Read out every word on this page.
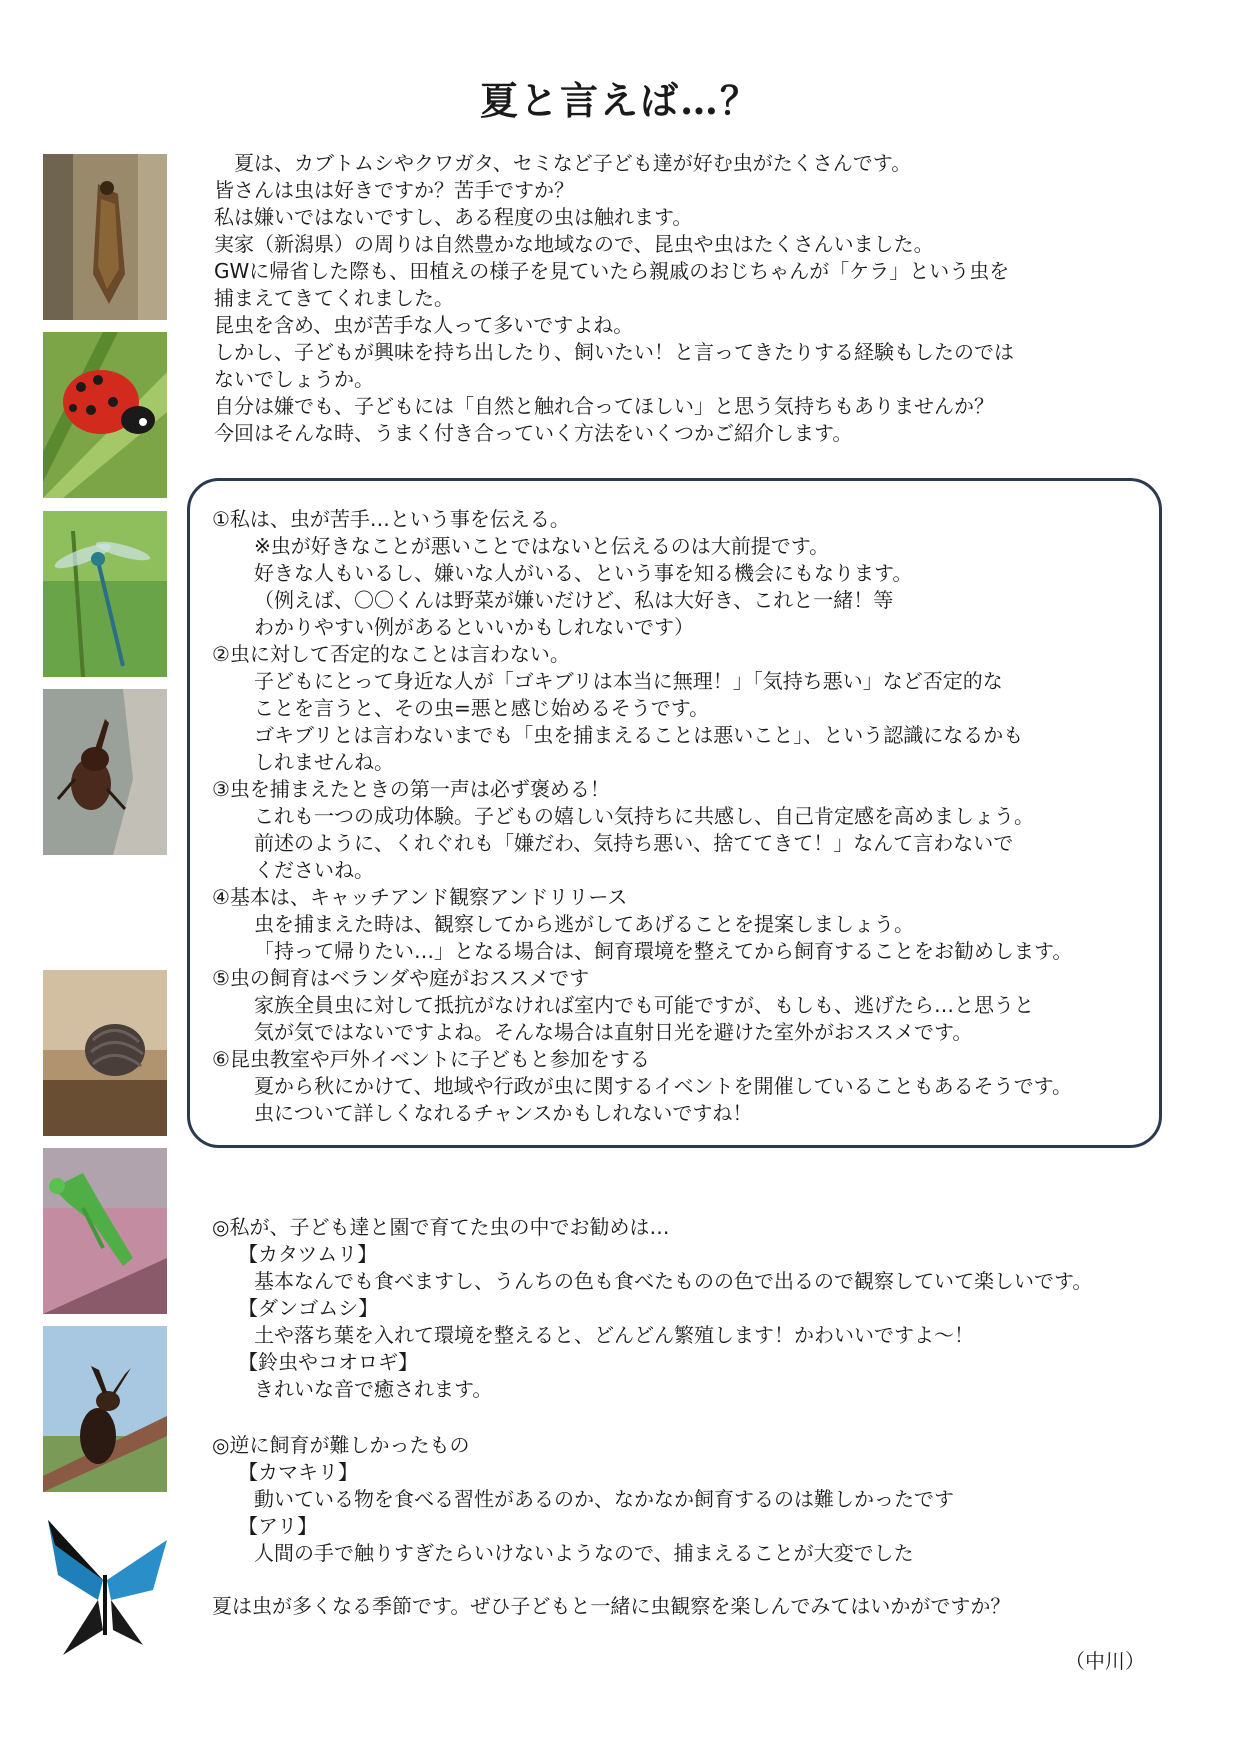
夏と言えば…？
　夏は、カブトムシやクワガタ、セミなど子ども達が好む虫がたくさんです。
皆さんは虫は好きですか？苦手ですか？
私は嫌いではないですし、ある程度の虫は触れます。
実家（新潟県）の周りは自然豊かな地域なので、昆虫や虫はたくさんいました。
GWに帰省した際も、田植えの様子を見ていたら親戚のおじちゃんが「ケラ」という虫を
捕まえてきてくれました。
昆虫を含め、虫が苦手な人って多いですよね。
しかし、子どもが興味を持ち出したり、飼いたい！と言ってきたりする経験もしたのでは
ないでしょうか。
自分は嫌でも、子どもには「自然と触れ合ってほしい」と思う気持ちもありませんか？
今回はそんな時、うまく付き合っていく方法をいくつかご紹介します。
①私は、虫が苦手…という事を伝える。
※虫が好きなことが悪いことではないと伝えるのは大前提です。
好きな人もいるし、嫌いな人がいる、という事を知る機会にもなります。
（例えば、〇〇くんは野菜が嫌いだけど、私は大好き、これと一緒！等
わかりやすい例があるといいかもしれないです）
②虫に対して否定的なことは言わない。
子どもにとって身近な人が「ゴキブリは本当に無理！」「気持ち悪い」など否定的な
ことを言うと、その虫=悪と感じ始めるそうです。
ゴキブリとは言わないまでも「虫を捕まえることは悪いこと」、という認識になるかも
しれませんね。
③虫を捕まえたときの第一声は必ず褒める！
これも一つの成功体験。子どもの嬉しい気持ちに共感し、自己肯定感を高めましょう。
前述のように、くれぐれも「嫌だわ、気持ち悪い、捨ててきて！」なんて言わないで
くださいね。
④基本は、キャッチアンド観察アンドリリース
虫を捕まえた時は、観察してから逃がしてあげることを提案しましょう。
「持って帰りたい…」となる場合は、飼育環境を整えてから飼育することをお勧めします。
⑤虫の飼育はベランダや庭がおススメです
家族全員虫に対して抵抗がなければ室内でも可能ですが、もしも、逃げたら…と思うと
気が気ではないですよね。そんな場合は直射日光を避けた室外がおススメです。
⑥昆虫教室や戸外イベントに子どもと参加をする
夏から秋にかけて、地域や行政が虫に関するイベントを開催していることもあるそうです。
虫について詳しくなれるチャンスかもしれないですね！
◎私が、子ども達と園で育てた虫の中でお勧めは…
【カタツムリ】
基本なんでも食べますし、うんちの色も食べたものの色で出るので観察していて楽しいです。
【ダンゴムシ】
土や落ち葉を入れて環境を整えると、どんどん繁殖します！かわいいですよ～！
【鈴虫やコオロギ】
きれいな音で癒されます。
◎逆に飼育が難しかったもの
【カマキリ】
動いている物を食べる習性があるのか、なかなか飼育するのは難しかったです
【アリ】
人間の手で触りすぎたらいけないようなので、捕まえることが大変でした
夏は虫が多くなる季節です。ぜひ子どもと一緒に虫観察を楽しんでみてはいかがですか？
（中川）
